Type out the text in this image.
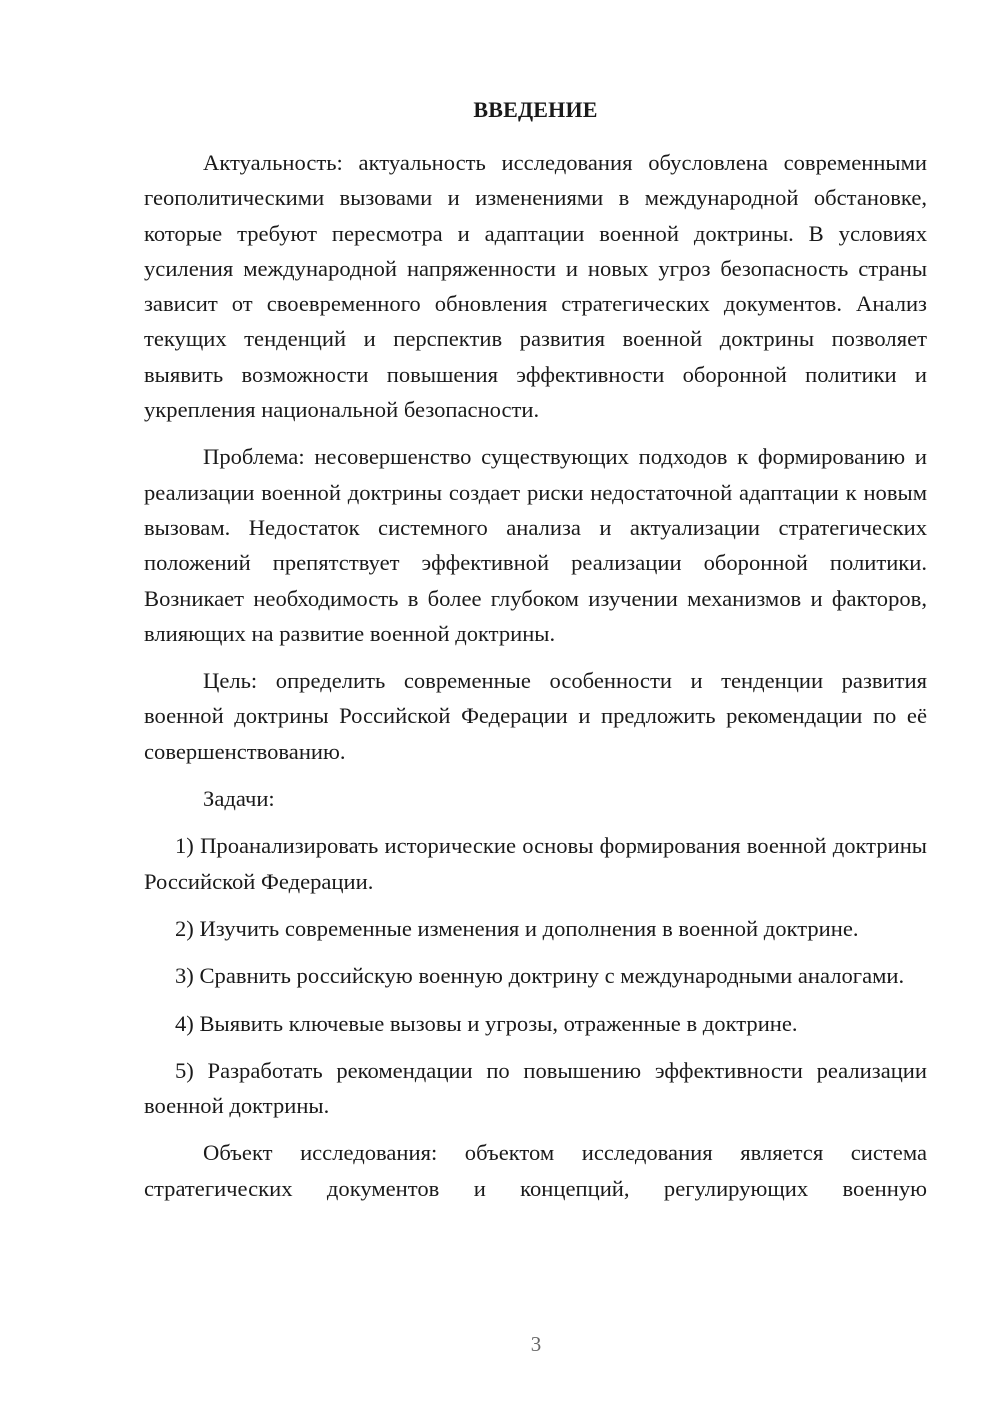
ВВЕДЕНИЕ

Актуальность: актуальность исследования обусловлена современными геополитическими вызовами и изменениями в международной обстановке, которые требуют пересмотра и адаптации военной доктрины. В условиях усиления международной напряженности и новых угроз безопасность страны зависит от своевременного обновления стратегических документов. Анализ текущих тенденций и перспектив развития военной доктрины позволяет выявить возможности повышения эффективности оборонной политики и укрепления национальной безопасности.

Проблема: несовершенство существующих подходов к формированию и реализации военной доктрины создает риски недостаточной адаптации к новым вызовам. Недостаток системного анализа и актуализации стратегических положений препятствует эффективной реализации оборонной политики. Возникает необходимость в более глубоком изучении механизмов и факторов, влияющих на развитие военной доктрины.

Цель: определить современные особенности и тенденции развития военной доктрины Российской Федерации и предложить рекомендации по её совершенствованию.

Задачи:

1) Проанализировать исторические основы формирования военной доктрины Российской Федерации.

2) Изучить современные изменения и дополнения в военной доктрине.

3) Сравнить российскую военную доктрину с международными аналогами.

4) Выявить ключевые вызовы и угрозы, отраженные в доктрине.

5) Разработать рекомендации по повышению эффективности реализации военной доктрины.

Объект исследования: объектом исследования является система стратегических документов и концепций, регулирующих военную

3
